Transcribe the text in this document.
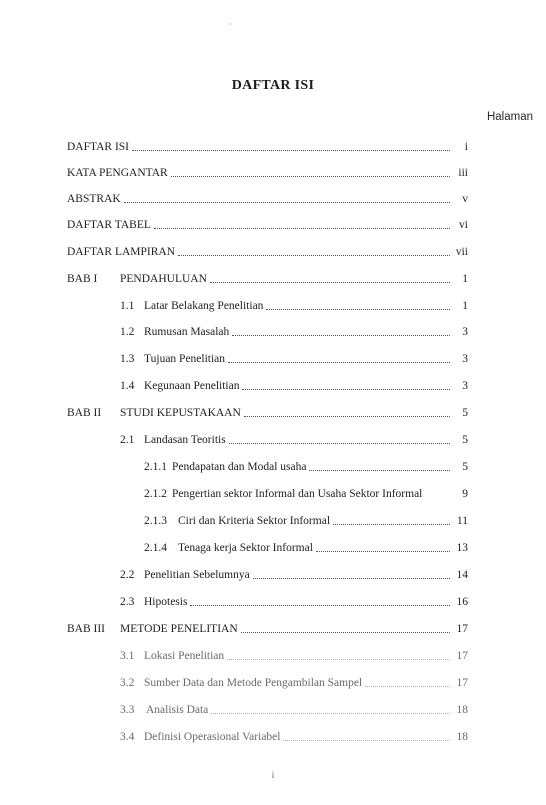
ʿ
DAFTAR ISI
Halaman
DAFTAR ISI	i
KATA PENGANTAR	iii
ABSTRAK	v
DAFTAR TABEL	vi
DAFTAR LAMPIRAN	vii
BAB I	PENDAHULUAN	1
1.1 Latar Belakang Penelitian	1
1.2 Rumusan Masalah	3
1.3 Tujuan Penelitian	3
1.4 Kegunaan Penelitian	3
BAB II	STUDI KEPUSTAKAAN	5
2.1 Landasan Teoritis	5
2.1.1 Pendapatan dan Modal usaha	5
2.1.2 Pengertian sektor Informal dan Usaha Sektor Informal	9
2.1.3 Ciri dan Kriteria Sektor Informal	11
2.1.4 Tenaga kerja Sektor Informal	13
2.2 Penelitian Sebelumnya	14
2.3 Hipotesis	16
BAB III	METODE PENELITIAN	17
3.1 Lokasi Penelitian	17
3.2 Sumber Data dan Metode Pengambilan Sampel	17
3.3	Analisis Data	18
3.4 Definisi Operasional Variabel	18
i
